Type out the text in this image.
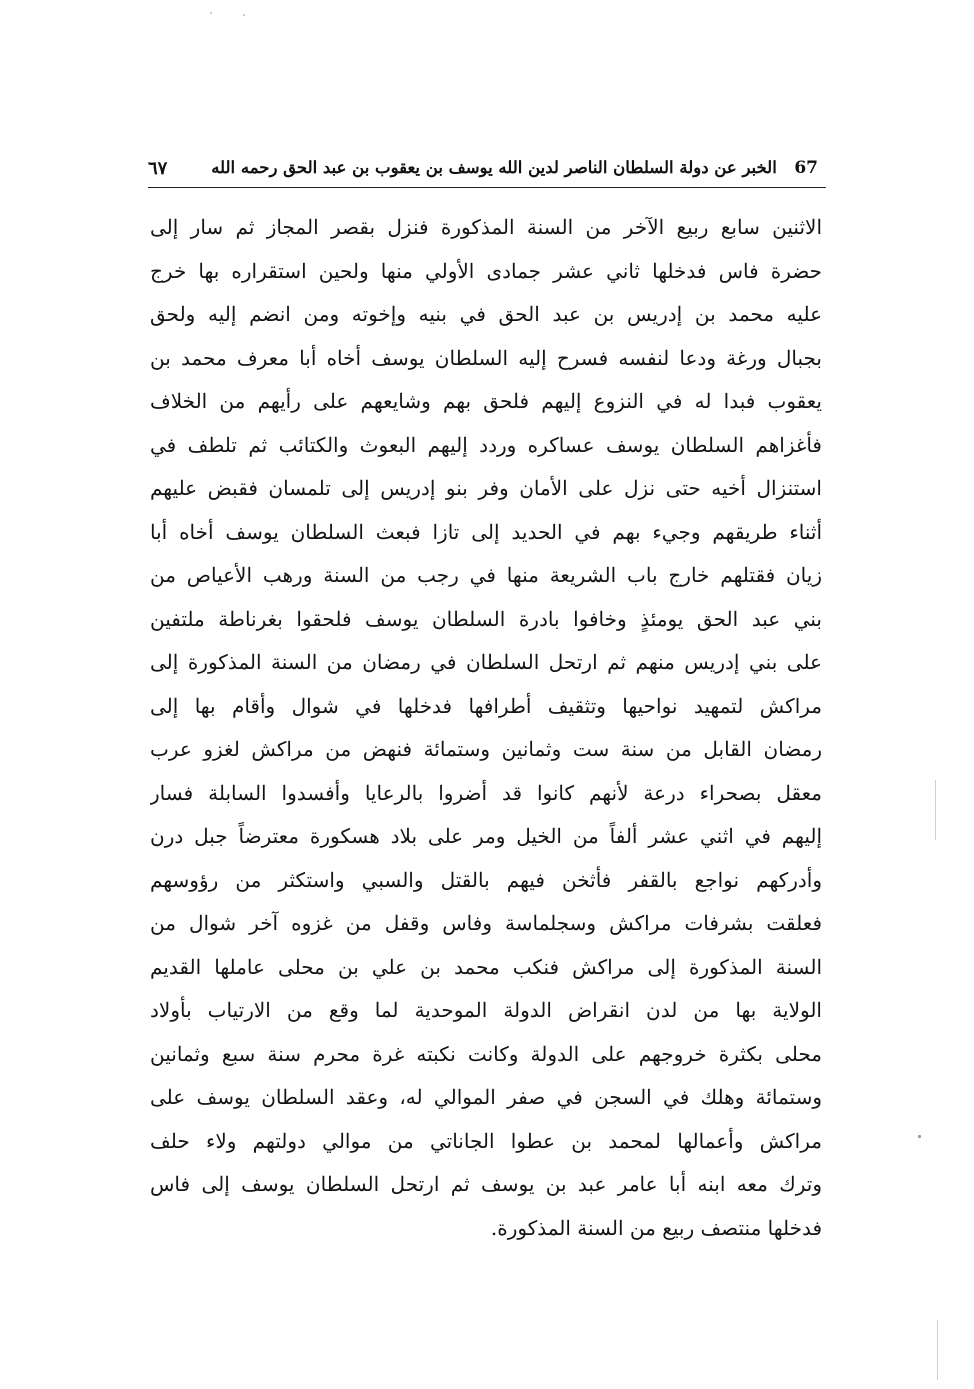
٦٧	الخبر عن دولة السلطان الناصر لدين الله يوسف بن يعقوب بن عبد الحق رحمه الله 67
الاثنين سابع ربيع الآخر من السنة المذكورة فنزل بقصر المجاز ثم سار إلى
حضرة فاس فدخلها ثاني عشر جمادى الأولي منها ولحين استقراره بها خرج
عليه محمد بن إدريس بن عبد الحق في بنيه وإخوته ومن انضم إليه ولحق
بجبال ورغة ودعا لنفسه فسرح إليه السلطان يوسف أخاه أبا معرف محمد بن
يعقوب فبدا له في النزوع إليهم فلحق بهم وشايعهم على رأيهم من الخلاف
فأغزاهم السلطان يوسف عساكره وردد إليهم البعوث والكتائب ثم تلطف في
استنزال أخيه حتى نزل على الأمان وفر بنو إدريس إلى تلمسان فقبض عليهم
أثناء طريقهم وجيء بهم في الحديد إلى تازا فبعث السلطان يوسف أخاه أبا
زيان فقتلهم خارج باب الشريعة منها في رجب من السنة ورهب الأعياص من
بني عبد الحق يومئذٍ وخافوا بادرة السلطان يوسف فلحقوا بغرناطة ملتفين
على بني إدريس منهم ثم ارتحل السلطان في رمضان من السنة المذكورة إلى
مراكش لتمهيد نواحيها وتثقيف أطرافها فدخلها في شوال وأقام بها إلى
رمضان القابل من سنة ست وثمانين وستمائة فنهض من مراكش لغزو عرب
معقل بصحراء درعة لأنهم كانوا قد أضروا بالرعايا وأفسدوا السابلة فسار
إليهم في اثني عشر ألفاً من الخيل ومر على بلاد هسكورة معترضاً جبل درن
وأدركهم نواجع بالقفر فأثخن فيهم بالقتل والسبي واستكثر من رؤوسهم
فعلقت بشرفات مراكش وسجلماسة وفاس وقفل من غزوه آخر شوال من
السنة المذكورة إلى مراكش فنكب محمد بن علي بن محلى عاملها القديم
الولاية بها من لدن انقراض الدولة الموحدية لما وقع من الارتياب بأولاد
محلى بكثرة خروجهم على الدولة وكانت نكبته غرة محرم سنة سبع وثمانين
وستمائة وهلك في السجن في صفر الموالي له، وعقد السلطان يوسف على
مراكش وأعمالها لمحمد بن عطوا الجاناتي من موالي دولتهم ولاء حلف
وترك معه ابنه أبا عامر عبد بن يوسف ثم ارتحل السلطان يوسف إلى فاس
فدخلها منتصف ربيع من السنة المذكورة.
